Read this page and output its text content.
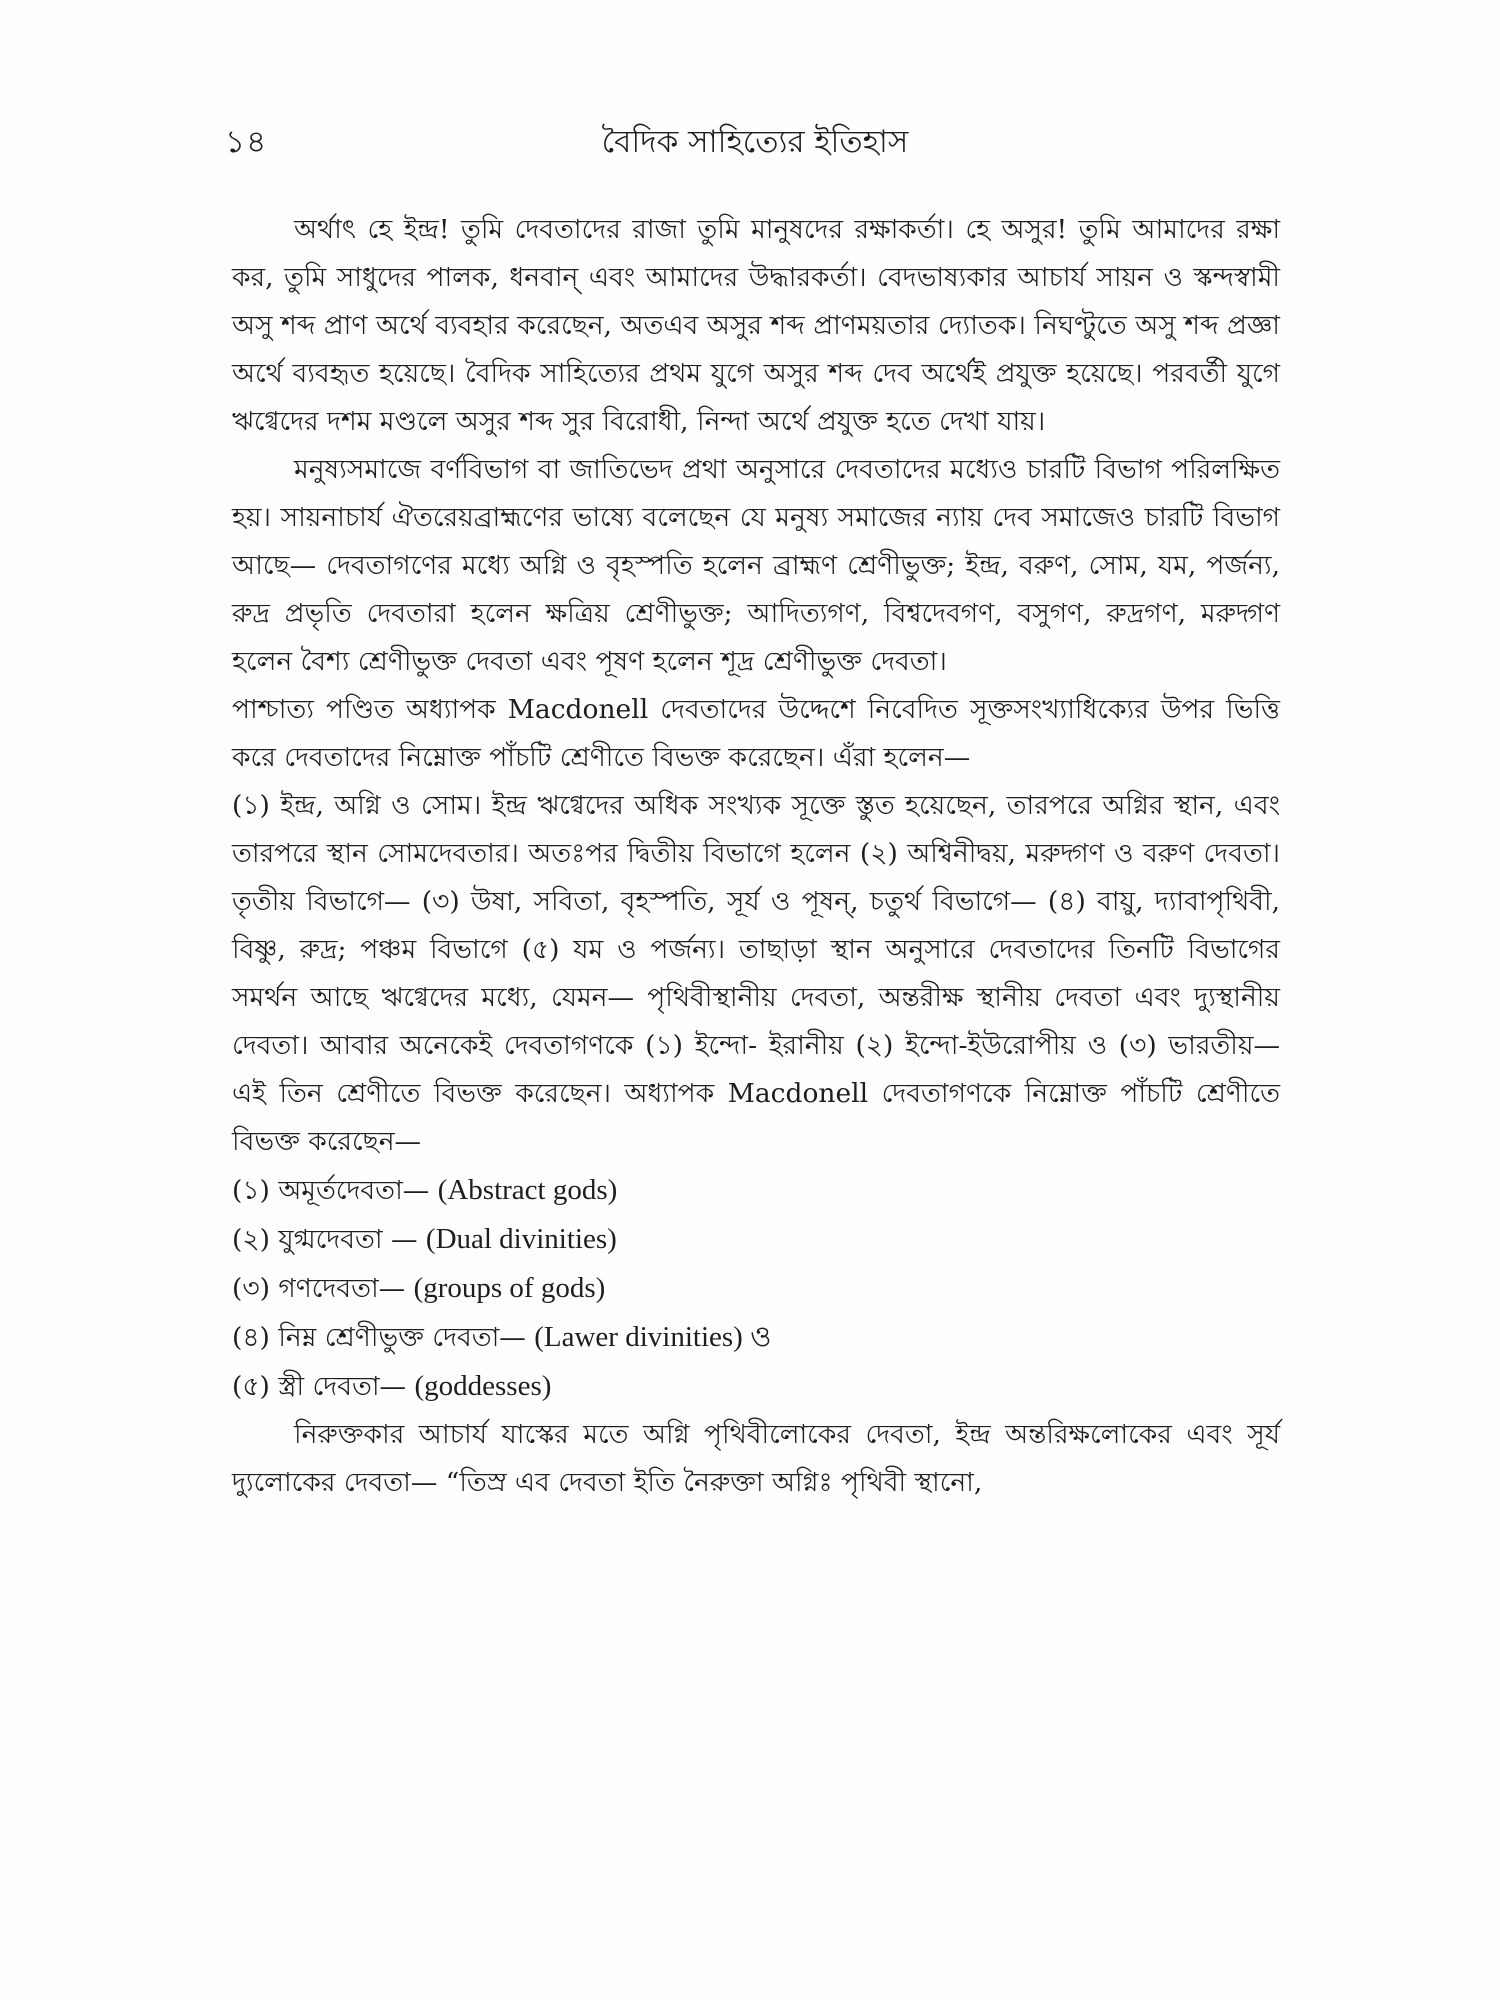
১৪	বৈদিক সাহিত্যের ইতিহাস

অর্থাৎ হে ইন্দ্র! তুমি দেবতাদের রাজা তুমি মানুষদের রক্ষাকর্তা। হে অসুর! তুমি আমাদের রক্ষা কর, তুমি সাধুদের পালক, ধনবান্ এবং আমাদের উদ্ধারকর্তা। বেদভাষ্যকার আচার্য সায়ন ও স্কন্দস্বামী অসু শব্দ প্রাণ অর্থে ব্যবহার করেছেন, অতএব অসুর শব্দ প্রাণময়তার দ্যোতক। নিঘণ্টুতে অসু শব্দ প্রজ্ঞা অর্থে ব্যবহৃত হয়েছে। বৈদিক সাহিত্যের প্রথম যুগে অসুর শব্দ দেব অর্থেই প্রযুক্ত হয়েছে। পরবর্তী যুগে ঋগ্বেদের দশম মণ্ডলে অসুর শব্দ সুর বিরোধী, নিন্দা অর্থে প্রযুক্ত হতে দেখা যায়।

মনুষ্যসমাজে বর্ণবিভাগ বা জাতিভেদ প্রথা অনুসারে দেবতাদের মধ্যেও চারটি বিভাগ পরিলক্ষিত হয়। সায়নাচার্য ঐতরেয়ব্রাহ্মণের ভাষ্যে বলেছেন যে মনুষ্য সমাজের ন্যায় দেব সমাজেও চারটি বিভাগ আছে— দেবতাগণের মধ্যে অগ্নি ও বৃহস্পতি হলেন ব্রাহ্মণ শ্রেণীভুক্ত; ইন্দ্র, বরুণ, সোম, যম, পর্জন্য, রুদ্র প্রভৃতি দেবতারা হলেন ক্ষত্রিয় শ্রেণীভুক্ত; আদিত্যগণ, বিশ্বদেবগণ, বসুগণ, রুদ্রগণ, মরুদ্গণ হলেন বৈশ্য শ্রেণীভুক্ত দেবতা এবং পূষণ হলেন শূদ্র শ্রেণীভুক্ত দেবতা।

পাশ্চাত্য পণ্ডিত অধ্যাপক Macdonell দেবতাদের উদ্দেশে নিবেদিত সূক্তসংখ্যাধিক্যের উপর ভিত্তি করে দেবতাদের নিম্নোক্ত পাঁচটি শ্রেণীতে বিভক্ত করেছেন। এঁরা হলেন—

(১) ইন্দ্র, অগ্নি ও সোম। ইন্দ্র ঋগ্বেদের অধিক সংখ্যক সূক্তে স্তুত হয়েছেন, তারপরে অগ্নির স্থান, এবং তারপরে স্থান সোমদেবতার। অতঃপর দ্বিতীয় বিভাগে হলেন (২) অশ্বিনীদ্বয়, মরুদ্গণ ও বরুণ দেবতা। তৃতীয় বিভাগে— (৩) উষা, সবিতা, বৃহস্পতি, সূর্য ও পূষন্, চতুর্থ বিভাগে— (৪) বায়ু, দ্যাবাপৃথিবী, বিষ্ণু, রুদ্র; পঞ্চম বিভাগে (৫) যম ও পর্জন্য। তাছাড়া স্থান অনুসারে দেবতাদের তিনটি বিভাগের সমর্থন আছে ঋগ্বেদের মধ্যে, যেমন— পৃথিবীস্থানীয় দেবতা, অন্তরীক্ষ স্থানীয় দেবতা এবং দ্যুস্থানীয় দেবতা। আবার অনেকেই দেবতাগণকে (১) ইন্দো- ইরানীয় (২) ইন্দো-ইউরোপীয় ও (৩) ভারতীয়— এই তিন শ্রেণীতে বিভক্ত করেছেন। অধ্যাপক Macdonell দেবতাগণকে নিম্নোক্ত পাঁচটি শ্রেণীতে বিভক্ত করেছেন—

(১) অমূর্তদেবতা— (Abstract gods)

(২) যুগ্মদেবতা — (Dual divinities)

(৩) গণদেবতা— (groups of gods)

(৪) নিম্ন শ্রেণীভুক্ত দেবতা— (Lawer divinities) ও

(৫) স্ত্রী দেবতা— (goddesses)

নিরুক্তকার আচার্য যাস্কের মতে অগ্নি পৃথিবীলোকের দেবতা, ইন্দ্র অন্তরিক্ষলোকের এবং সূর্য দ্যুলোকের দেবতা— “তিস্র এব দেবতা ইতি নৈরুক্তা অগ্নিঃ পৃথিবী স্থানো,
